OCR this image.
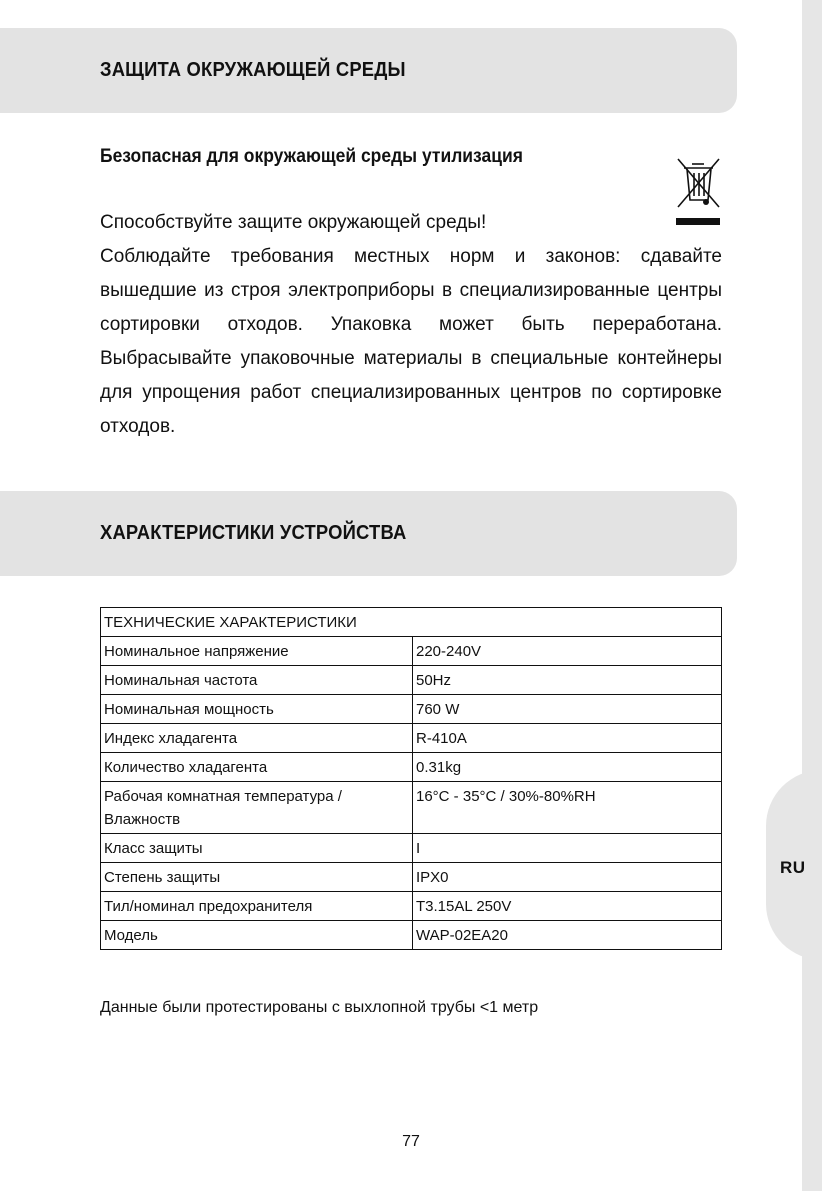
RU
ЗАЩИТА ОКРУЖАЮЩЕЙ СРЕДЫ
Безопасная для окружающей среды утилизация

Способствуйте защите окружающей среды!

Соблюдайте требования местных норм и законов: сдавайте вышедшие из строя электроприборы в специализированные центры сортировки отходов. Упаковка может быть переработана. Выбрасывайте упаковочные материалы в специальные контейнеры для упрощения работ специализированных центров по сортировке отходов.

ХАРАКТЕРИСТИКИ УСТРОЙСТВА
ТЕХНИЧЕСКИЕ ХАРАКТЕРИСТИКИ	
Номинальное напряжение	220-240V
Номинальная частота	50Hz
Номинальная мощность	760 W
Индекс хладагента	R-410A
Количество хладагента	0.31kg
Рабочая комнатная температура / Влажноств	16°C - 35°C / 30%-80%RH
Класс защиты	I
Степень защиты	IPX0
Тил/номинал предохранителя	T3.15AL 250V
Модель	WAP-02EA20
Данные были протестированы с выхлопной трубы <1 метр
77
